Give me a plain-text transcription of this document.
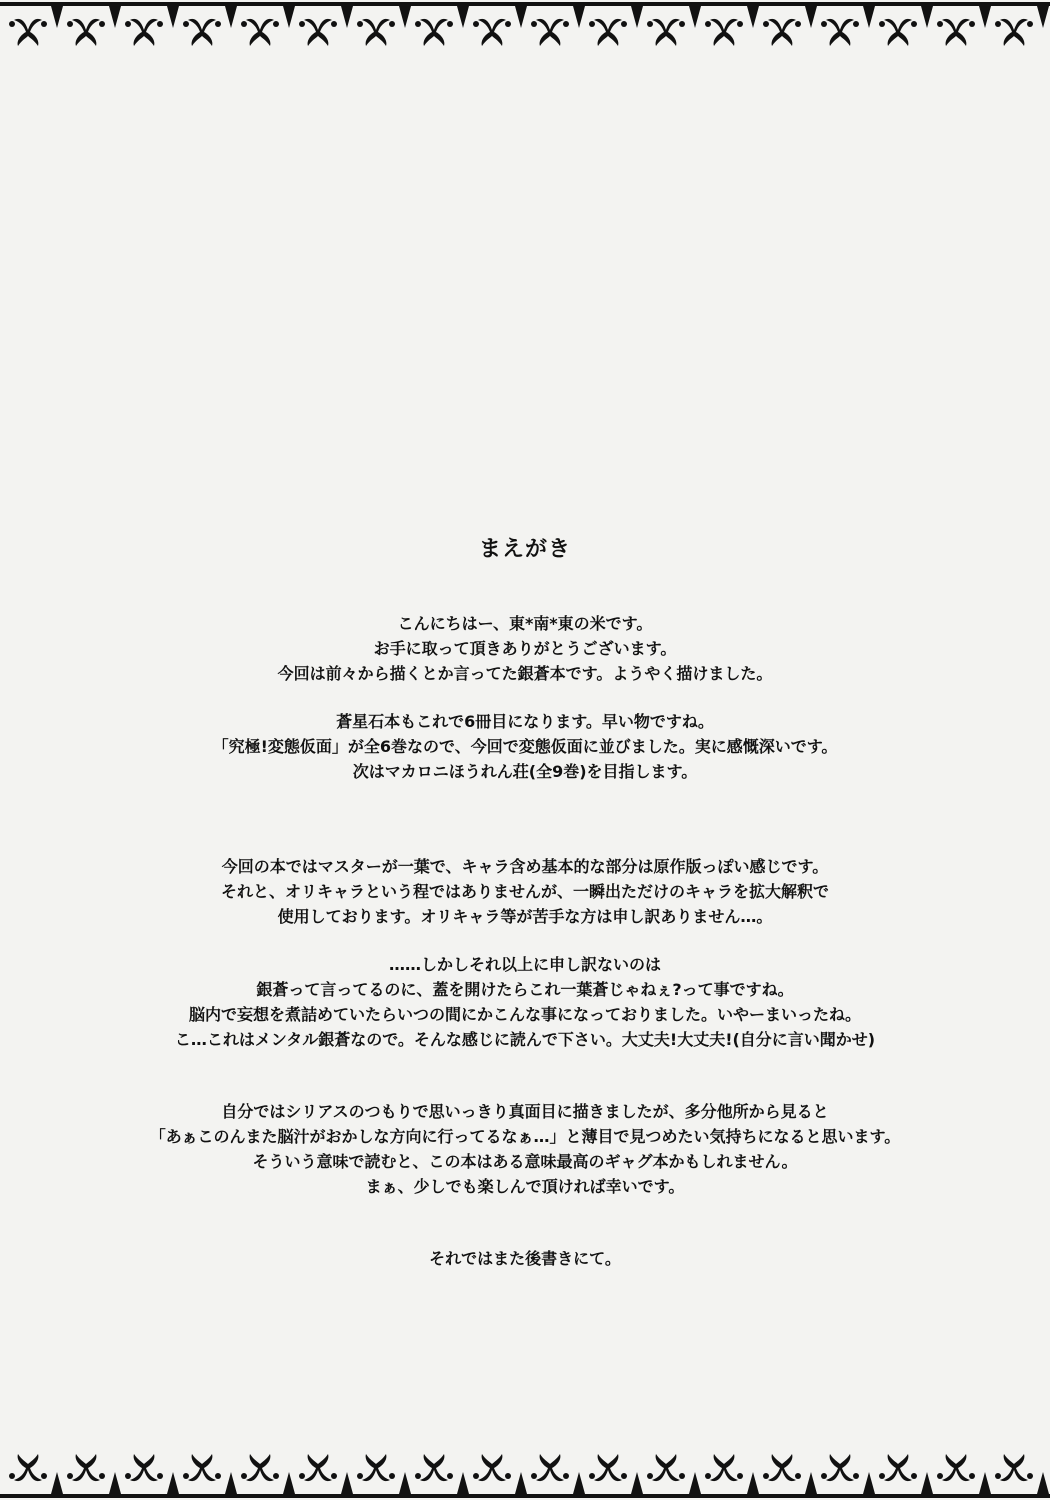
まえがき

こんにちはー、東*南*東の米です。
お手に取って頂きありがとうございます。
今回は前々から描くとか言ってた銀蒼本です。ようやく描けました。

蒼星石本もこれで6冊目になります。早い物ですね。
「究極!変態仮面」が全6巻なので、今回で変態仮面に並びました。実に感慨深いです。
次はマカロニほうれん荘(全9巻)を目指します。

今回の本ではマスターが一葉で、キャラ含め基本的な部分は原作版っぽい感じです。
それと、オリキャラという程ではありませんが、一瞬出ただけのキャラを拡大解釈で
使用しております。オリキャラ等が苦手な方は申し訳ありません…。

……しかしそれ以上に申し訳ないのは
銀蒼って言ってるのに、蓋を開けたらこれ一葉蒼じゃねぇ?って事ですね。
脳内で妄想を煮詰めていたらいつの間にかこんな事になっておりました。いやーまいったね。
こ…これはメンタル銀蒼なので。そんな感じに読んで下さい。大丈夫!大丈夫!(自分に言い聞かせ)

自分ではシリアスのつもりで思いっきり真面目に描きましたが、多分他所から見ると
「あぁこのんまた脳汁がおかしな方向に行ってるなぁ…」と薄目で見つめたい気持ちになると思います。
そういう意味で読むと、この本はある意味最高のギャグ本かもしれません。
まぁ、少しでも楽しんで頂ければ幸いです。

それではまた後書きにて。
